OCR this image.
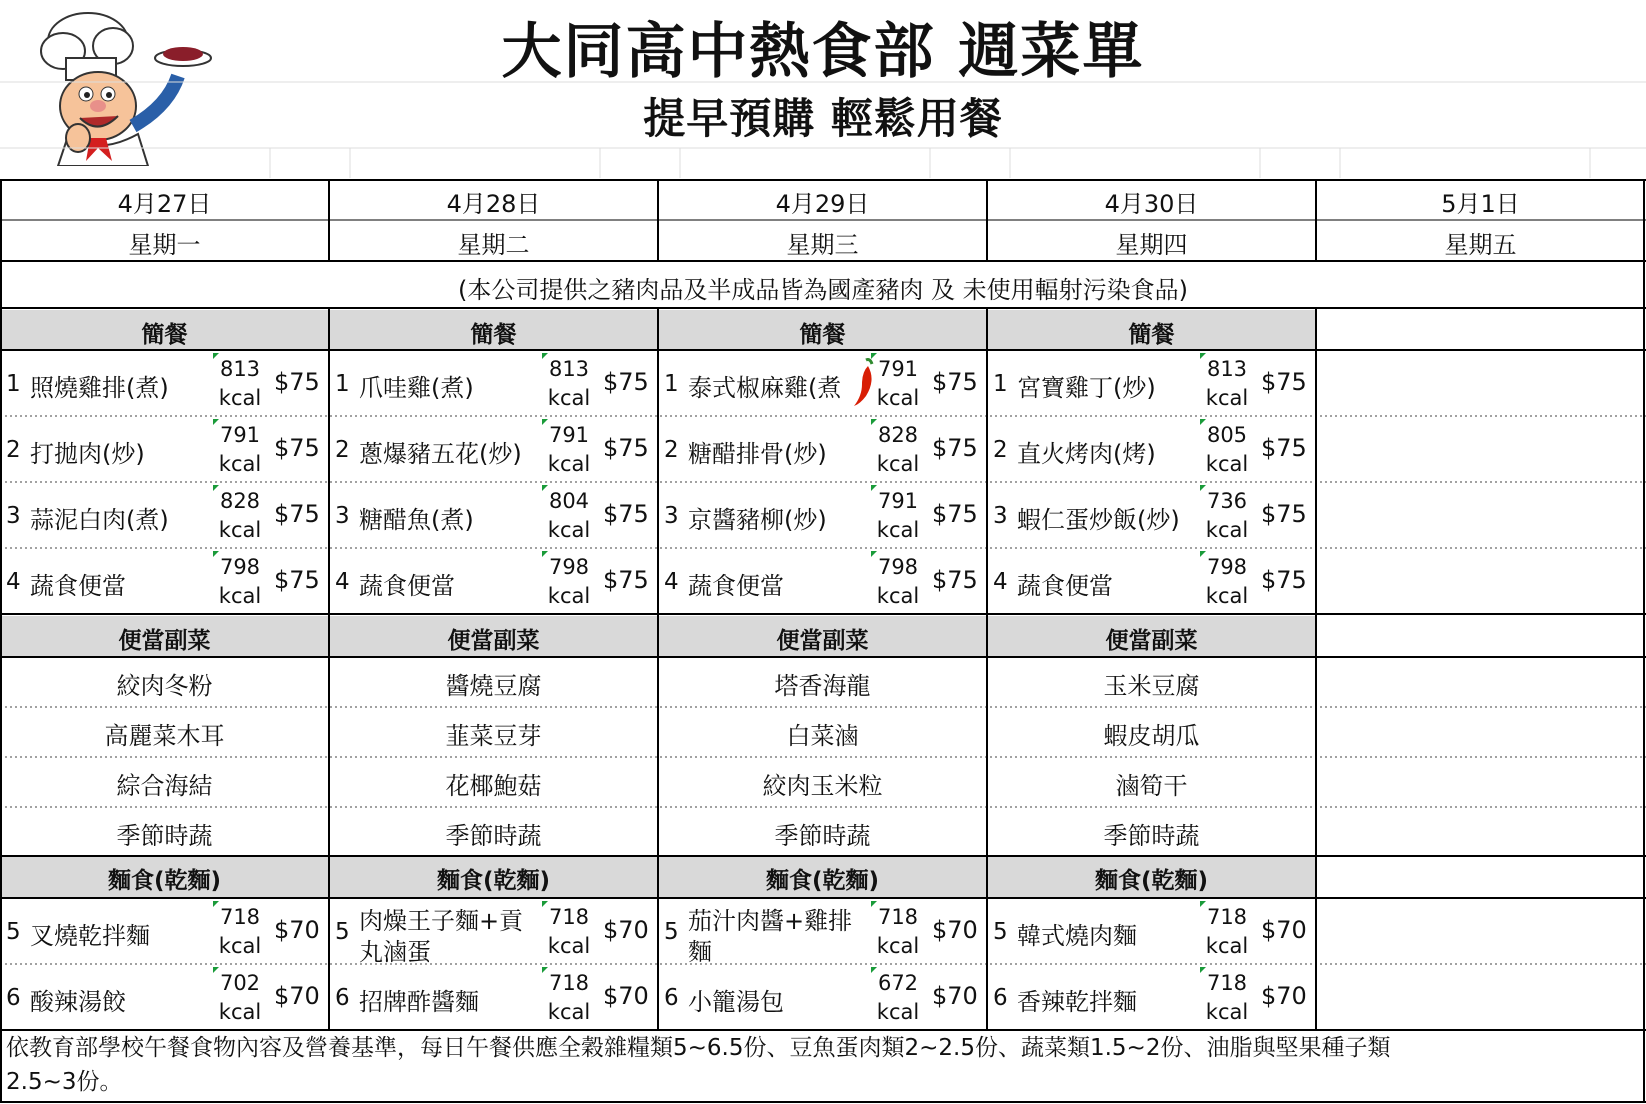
大同高中熱食部 週菜單
提早預購 輕鬆用餐
4月27日
星期一
4月28日
星期二
4月29日
星期三
4月30日
星期四
5月1日
星期五
(本公司提供之豬肉品及半成品皆為國產豬肉 及 未使用輻射污染食品)
簡餐
便當副菜
麵食(乾麵)
簡餐
便當副菜
麵食(乾麵)
簡餐
便當副菜
麵食(乾麵)
簡餐
便當副菜
麵食(乾麵)
1 照燒雞排(煮)
813
kcal
$75
2 打拋肉(炒)
791
kcal
$75
3 蒜泥白肉(煮)
828
kcal
$75
4 蔬食便當
798
kcal
$75
1 爪哇雞(煮)
813
kcal
$75
2 蔥爆豬五花(炒)
791
kcal
$75
3 糖醋魚(煮)
804
kcal
$75
4 蔬食便當
798
kcal
$75
1 泰式椒麻雞(煮
791
kcal
$75
2 糖醋排骨(炒)
828
kcal
$75
3 京醬豬柳(炒)
791
kcal
$75
4 蔬食便當
798
kcal
$75
1 宮寶雞丁(炒)
813
kcal
$75
2 直火烤肉(烤)
805
kcal
$75
3 蝦仁蛋炒飯(炒)
736
kcal
$75
4 蔬食便當
798
kcal
$75
絞肉冬粉
高麗菜木耳
綜合海結
季節時蔬
醬燒豆腐
韮菜豆芽
花椰鮑菇
季節時蔬
塔香海龍
白菜滷
絞肉玉米粒
季節時蔬
玉米豆腐
蝦皮胡瓜
滷筍干
季節時蔬
5 叉燒乾拌麵
718
kcal
$70
6 酸辣湯餃
702
kcal
$70
5 肉燥王子麵+貢
丸滷蛋
718
kcal
$70
6 招牌酢醬麵
718
kcal
$70
5 茄汁肉醬+雞排
麵
718
kcal
$70
6 小籠湯包
672
kcal
$70
5 韓式燒肉麵
718
kcal
$70
6 香辣乾拌麵
718
kcal
$70
依教育部學校午餐食物內容及營養基準，每日午餐供應全穀雜糧類5~6.5份、豆魚蛋肉類2~2.5份、蔬菜類1.5~2份、油脂與堅果種子類
2.5~3份。
